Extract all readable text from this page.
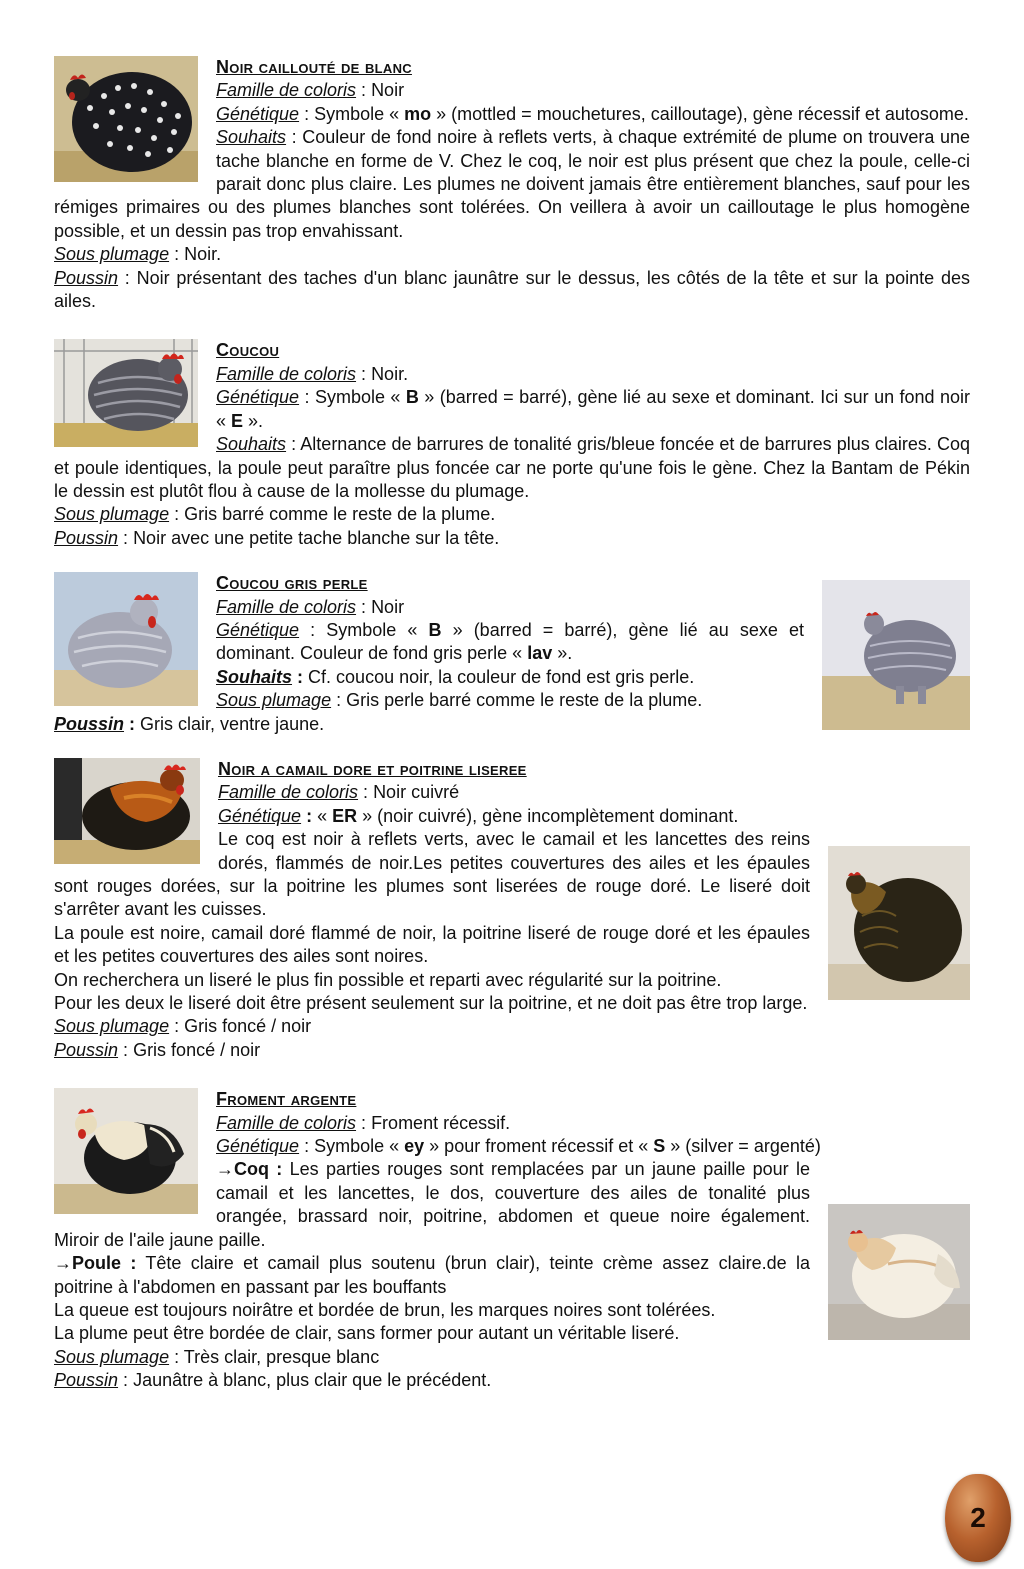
Noir caillouté de blanc

Famille de coloris : Noir

Génétique : Symbole « mo » (mottled = mouchetures, cailloutage), gène récessif et autosome.

Souhaits : Couleur de fond noire à reflets verts, à chaque extrémité de plume on trouvera une tache blanche en forme de V. Chez le coq, le noir est plus présent que chez la poule, celle-ci parait donc plus claire. Les plumes ne doivent jamais être entièrement blanches, sauf pour les rémiges primaires ou des plumes blanches sont tolérées. On veillera à avoir un cailloutage le plus homogène possible, et un dessin pas trop envahissant.

Sous plumage : Noir.

Poussin : Noir présentant des taches d'un blanc jaunâtre sur le dessus, les côtés de la tête et sur la pointe des ailes.

Coucou

Famille de coloris : Noir.

Génétique : Symbole « B » (barred = barré), gène lié au sexe et dominant. Ici sur un fond noir « E ».

Souhaits : Alternance de barrures de tonalité gris/bleue foncée et de barrures plus claires. Coq et poule identiques, la poule peut paraître plus foncée car ne porte qu'une fois le gène. Chez la Bantam de Pékin le dessin est plutôt flou à cause de la mollesse du plumage.

Sous plumage : Gris barré comme le reste de la plume.

Poussin : Noir avec une petite tache blanche sur la tête.

Coucou gris perle

Famille de coloris : Noir

Génétique : Symbole « B » (barred = barré), gène lié au sexe et dominant. Couleur de fond gris perle « lav ».

Souhaits : Cf. coucou noir, la couleur de fond est gris perle.

Sous plumage : Gris perle barré comme le reste de la plume.

Poussin : Gris clair, ventre jaune.

Noir a camail dore et poitrine liseree

Famille de coloris : Noir cuivré

Génétique : « ER » (noir cuivré), gène incomplètement dominant.

Le coq est noir à reflets verts, avec le camail et les lancettes des reins dorés, flammés de noir.Les petites couvertures des ailes et les épaules sont rouges dorées, sur la poitrine les plumes sont liserées de rouge doré. Le liseré doit s'arrêter avant les cuisses.

La poule est noire, camail doré flammé de noir, la poitrine liseré de rouge doré et les épaules et les petites couvertures des ailes sont noires.

On recherchera un liseré le plus fin possible et reparti avec régularité sur la poitrine.

Pour les deux le liseré doit être présent seulement sur la poitrine, et ne doit pas être trop large.

Sous plumage : Gris foncé / noir

Poussin : Gris foncé / noir

Froment argente

Famille de coloris : Froment récessif.

Génétique : Symbole « ey » pour froment récessif et « S » (silver = argenté)

→Coq : Les parties rouges sont remplacées par un jaune paille pour le camail et les lancettes, le dos, couverture des ailes de tonalité plus orangée, brassard noir, poitrine, abdomen et queue noire également. Miroir de l'aile jaune paille.

→Poule : Tête claire et camail plus soutenu (brun clair), teinte crème assez claire.de la poitrine à l'abdomen en passant par les bouffants

La queue est toujours noirâtre et bordée de brun, les marques noires sont tolérées.

La plume peut être bordée de clair, sans former pour autant un véritable liseré.

Sous plumage : Très clair, presque blanc

Poussin : Jaunâtre à blanc, plus clair que le précédent.

2
